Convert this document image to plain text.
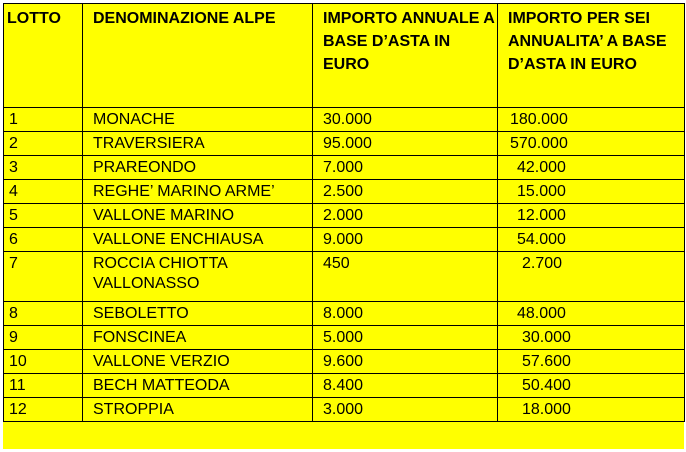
LOTTO	DENOMINAZIONE ALPE	IMPORTO ANNUALE A BASE D’ASTA IN EURO	IMPORTO PER SEI ANNUALITA’ A BASE D’ASTA IN EURO
1	MONACHE	30.000	180.000
2	TRAVERSIERA	95.000	570.000
3	PRAREONDO	7.000	42.000
4	REGHE’ MARINO ARME’	2.500	15.000
5	VALLONE MARINO	2.000	12.000
6	VALLONE ENCHIAUSA	9.000	54.000
7	ROCCIA CHIOTTA VALLONASSO	450	2.700
8	SEBOLETTO	8.000	48.000
9	FONSCINEA	5.000	30.000
10	VALLONE VERZIO	9.600	57.600
11	BECH MATTEODA	8.400	50.400
12	STROPPIA	3.000	18.000
